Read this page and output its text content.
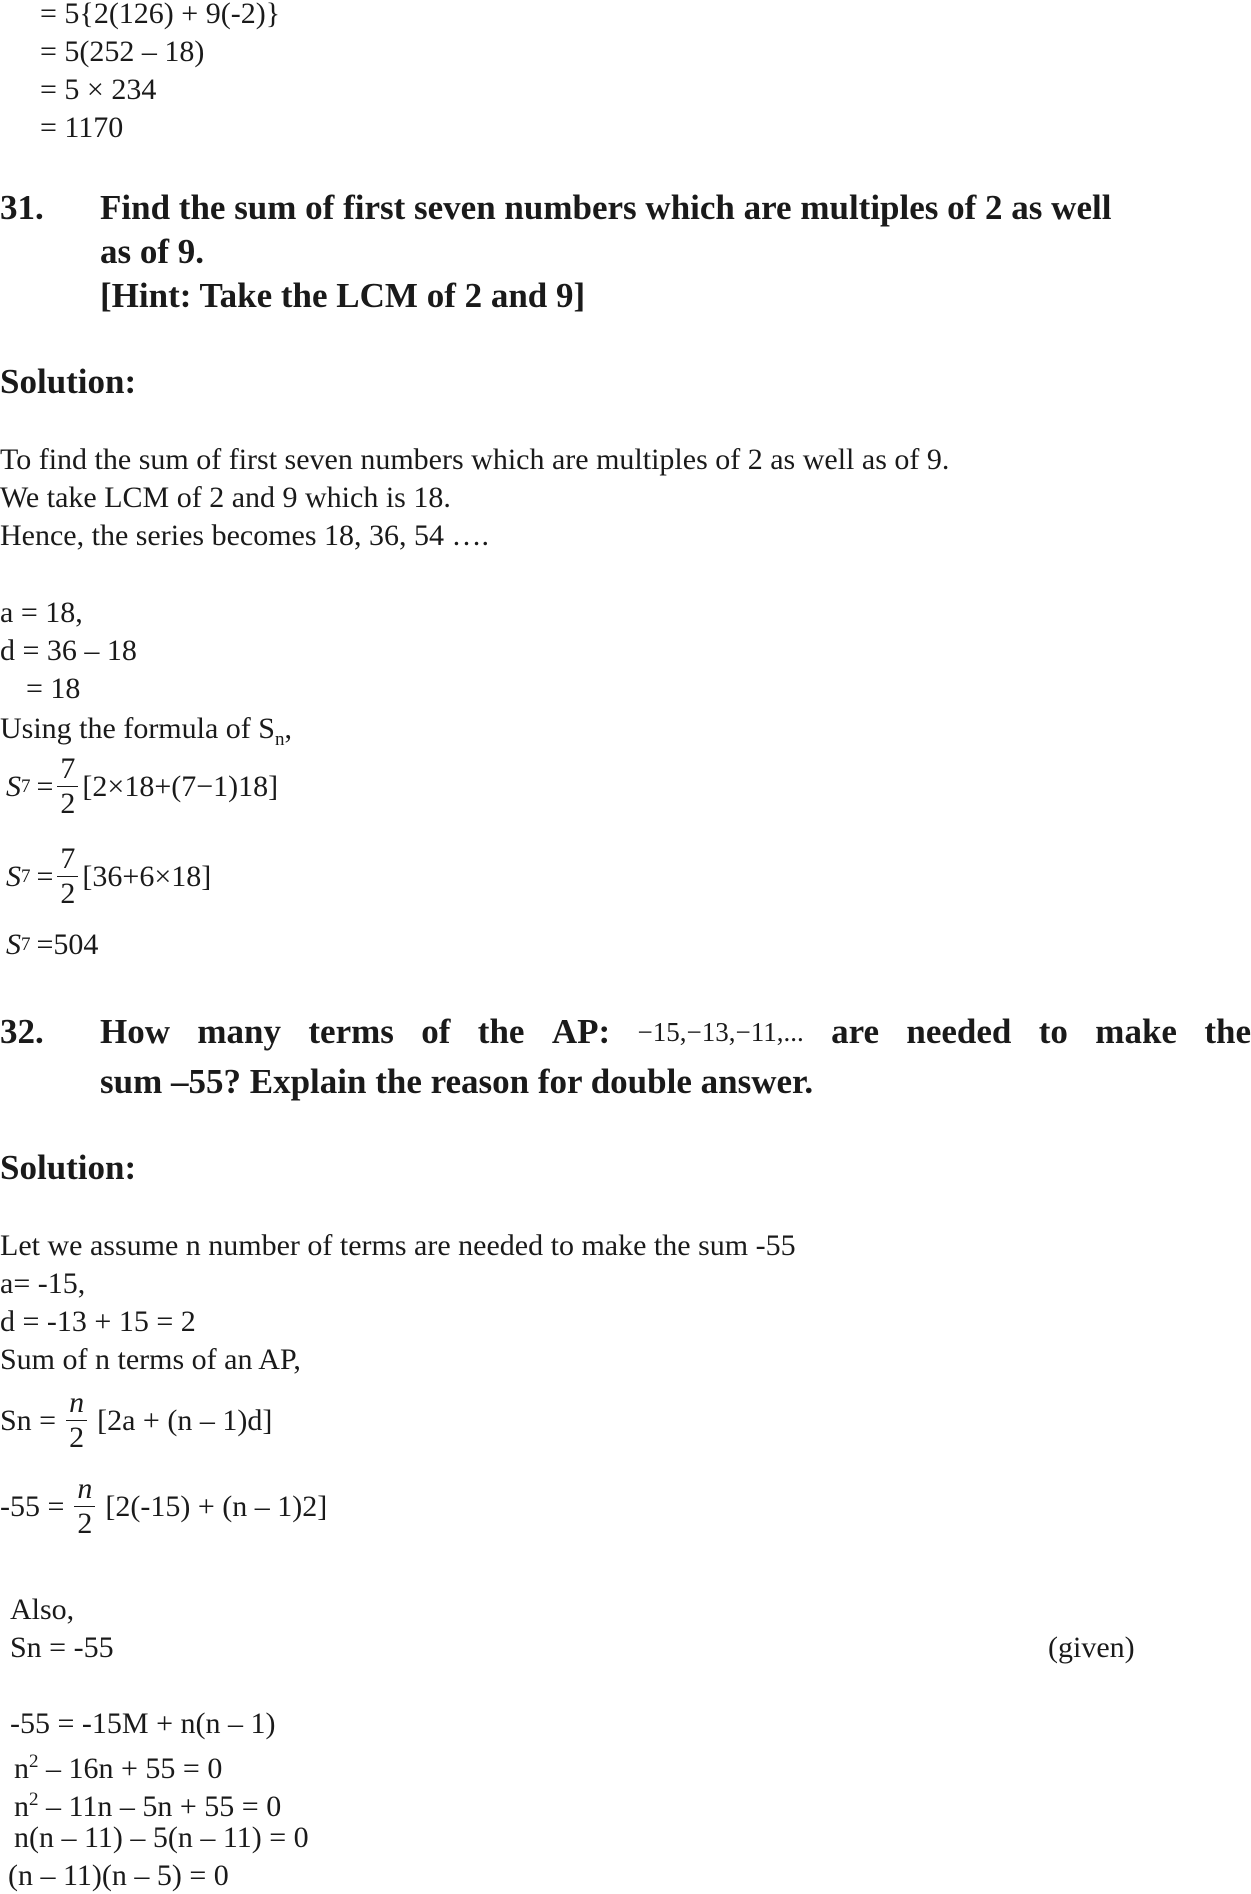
= 5{2(126) + 9(-2)}
= 5(252 – 18)
= 5 × 234
= 1170
31. Find the sum of first seven numbers which are multiples of 2 as well
as of 9.
[Hint: Take the LCM of 2 and 9]
Solution:
To find the sum of first seven numbers which are multiples of 2 as well as of 9.
We take LCM of 2 and 9 which is 18.
Hence, the series becomes 18, 36, 54 ….
a = 18,
d = 36 – 18
= 18
Using the formula of $S_n$,
S $7 = \frac{7}{2} [2\times 18+(7-1)18]$
S $7 = \frac{7}{2} [36+6\times 18]$
S 7 =504
32. How many terms of the AP: −15,−13,−11,... are needed to make the
sum –55? Explain the reason for double answer.
Solution:
Let we assume n number of terms are needed to make the sum -55
a= -15,
d = -13 + 15 = 2
Sum of n terms of an AP,
$Sn = \frac{n}{2} [2a + (n - 1)d]$
$-55 = \frac{n}{2} [2(-15) + (n - 1)2]$
Also,
Sn = -55	(given)
-55 = -15M + n(n – 1)
$n^2 - 16n + 55 = 0$
$n^2 - 11n - 5n + 55 = 0$
n(n – 11) – 5(n – 11) = 0
(n – 11)(n – 5) = 0
